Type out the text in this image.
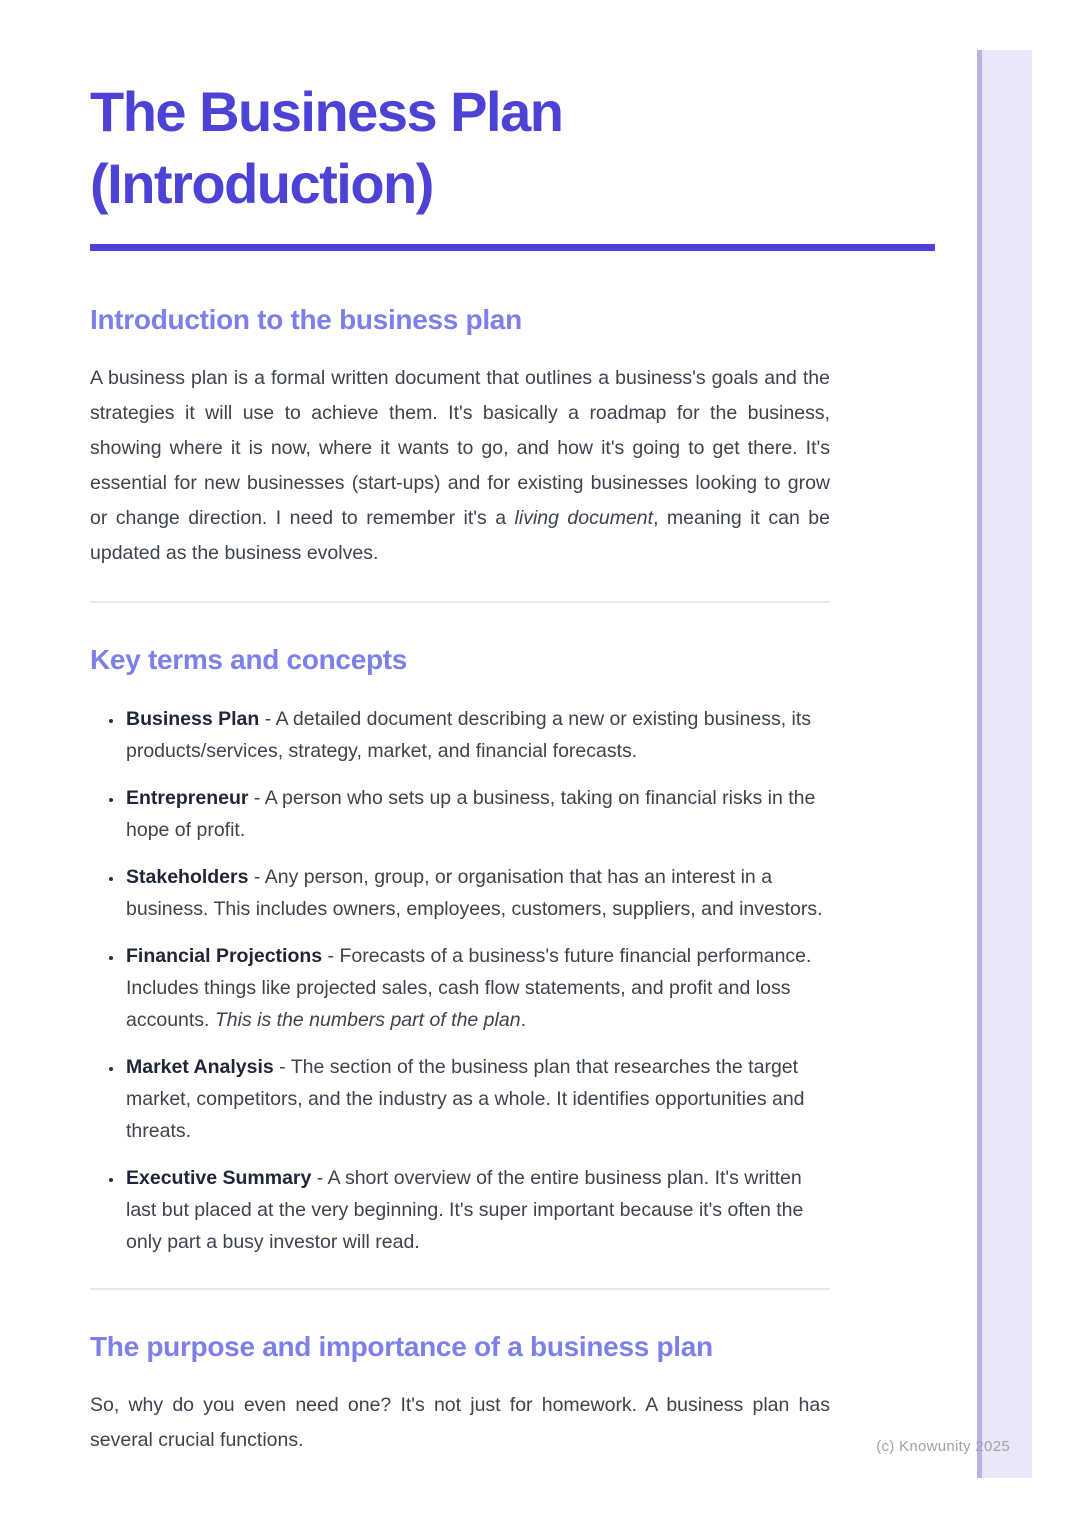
The Business Plan
(Introduction)
Introduction to the business plan

A business plan is a formal written document that outlines a business's goals and the strategies it will use to achieve them. It's basically a roadmap for the business, showing where it is now, where it wants to go, and how it's going to get there. It's essential for new businesses (start-ups) and for existing businesses looking to grow or change direction. I need to remember it's a living document, meaning it can be updated as the business evolves.

Key terms and concepts
• Business Plan - A detailed document describing a new or existing business, its products/services, strategy, market, and financial forecasts.
• Entrepreneur - A person who sets up a business, taking on financial risks in the hope of profit.
• Stakeholders - Any person, group, or organisation that has an interest in a business. This includes owners, employees, customers, suppliers, and investors.
• Financial Projections - Forecasts of a business's future financial performance. Includes things like projected sales, cash flow statements, and profit and loss accounts. This is the numbers part of the plan.
• Market Analysis - The section of the business plan that researches the target market, competitors, and the industry as a whole. It identifies opportunities and threats.
• Executive Summary - A short overview of the entire business plan. It's written last but placed at the very beginning. It's super important because it's often the only part a busy investor will read.
The purpose and importance of a business plan

So, why do you even need one? It's not just for homework. A business plan has several crucial functions.	(c) Knowunity 2025
